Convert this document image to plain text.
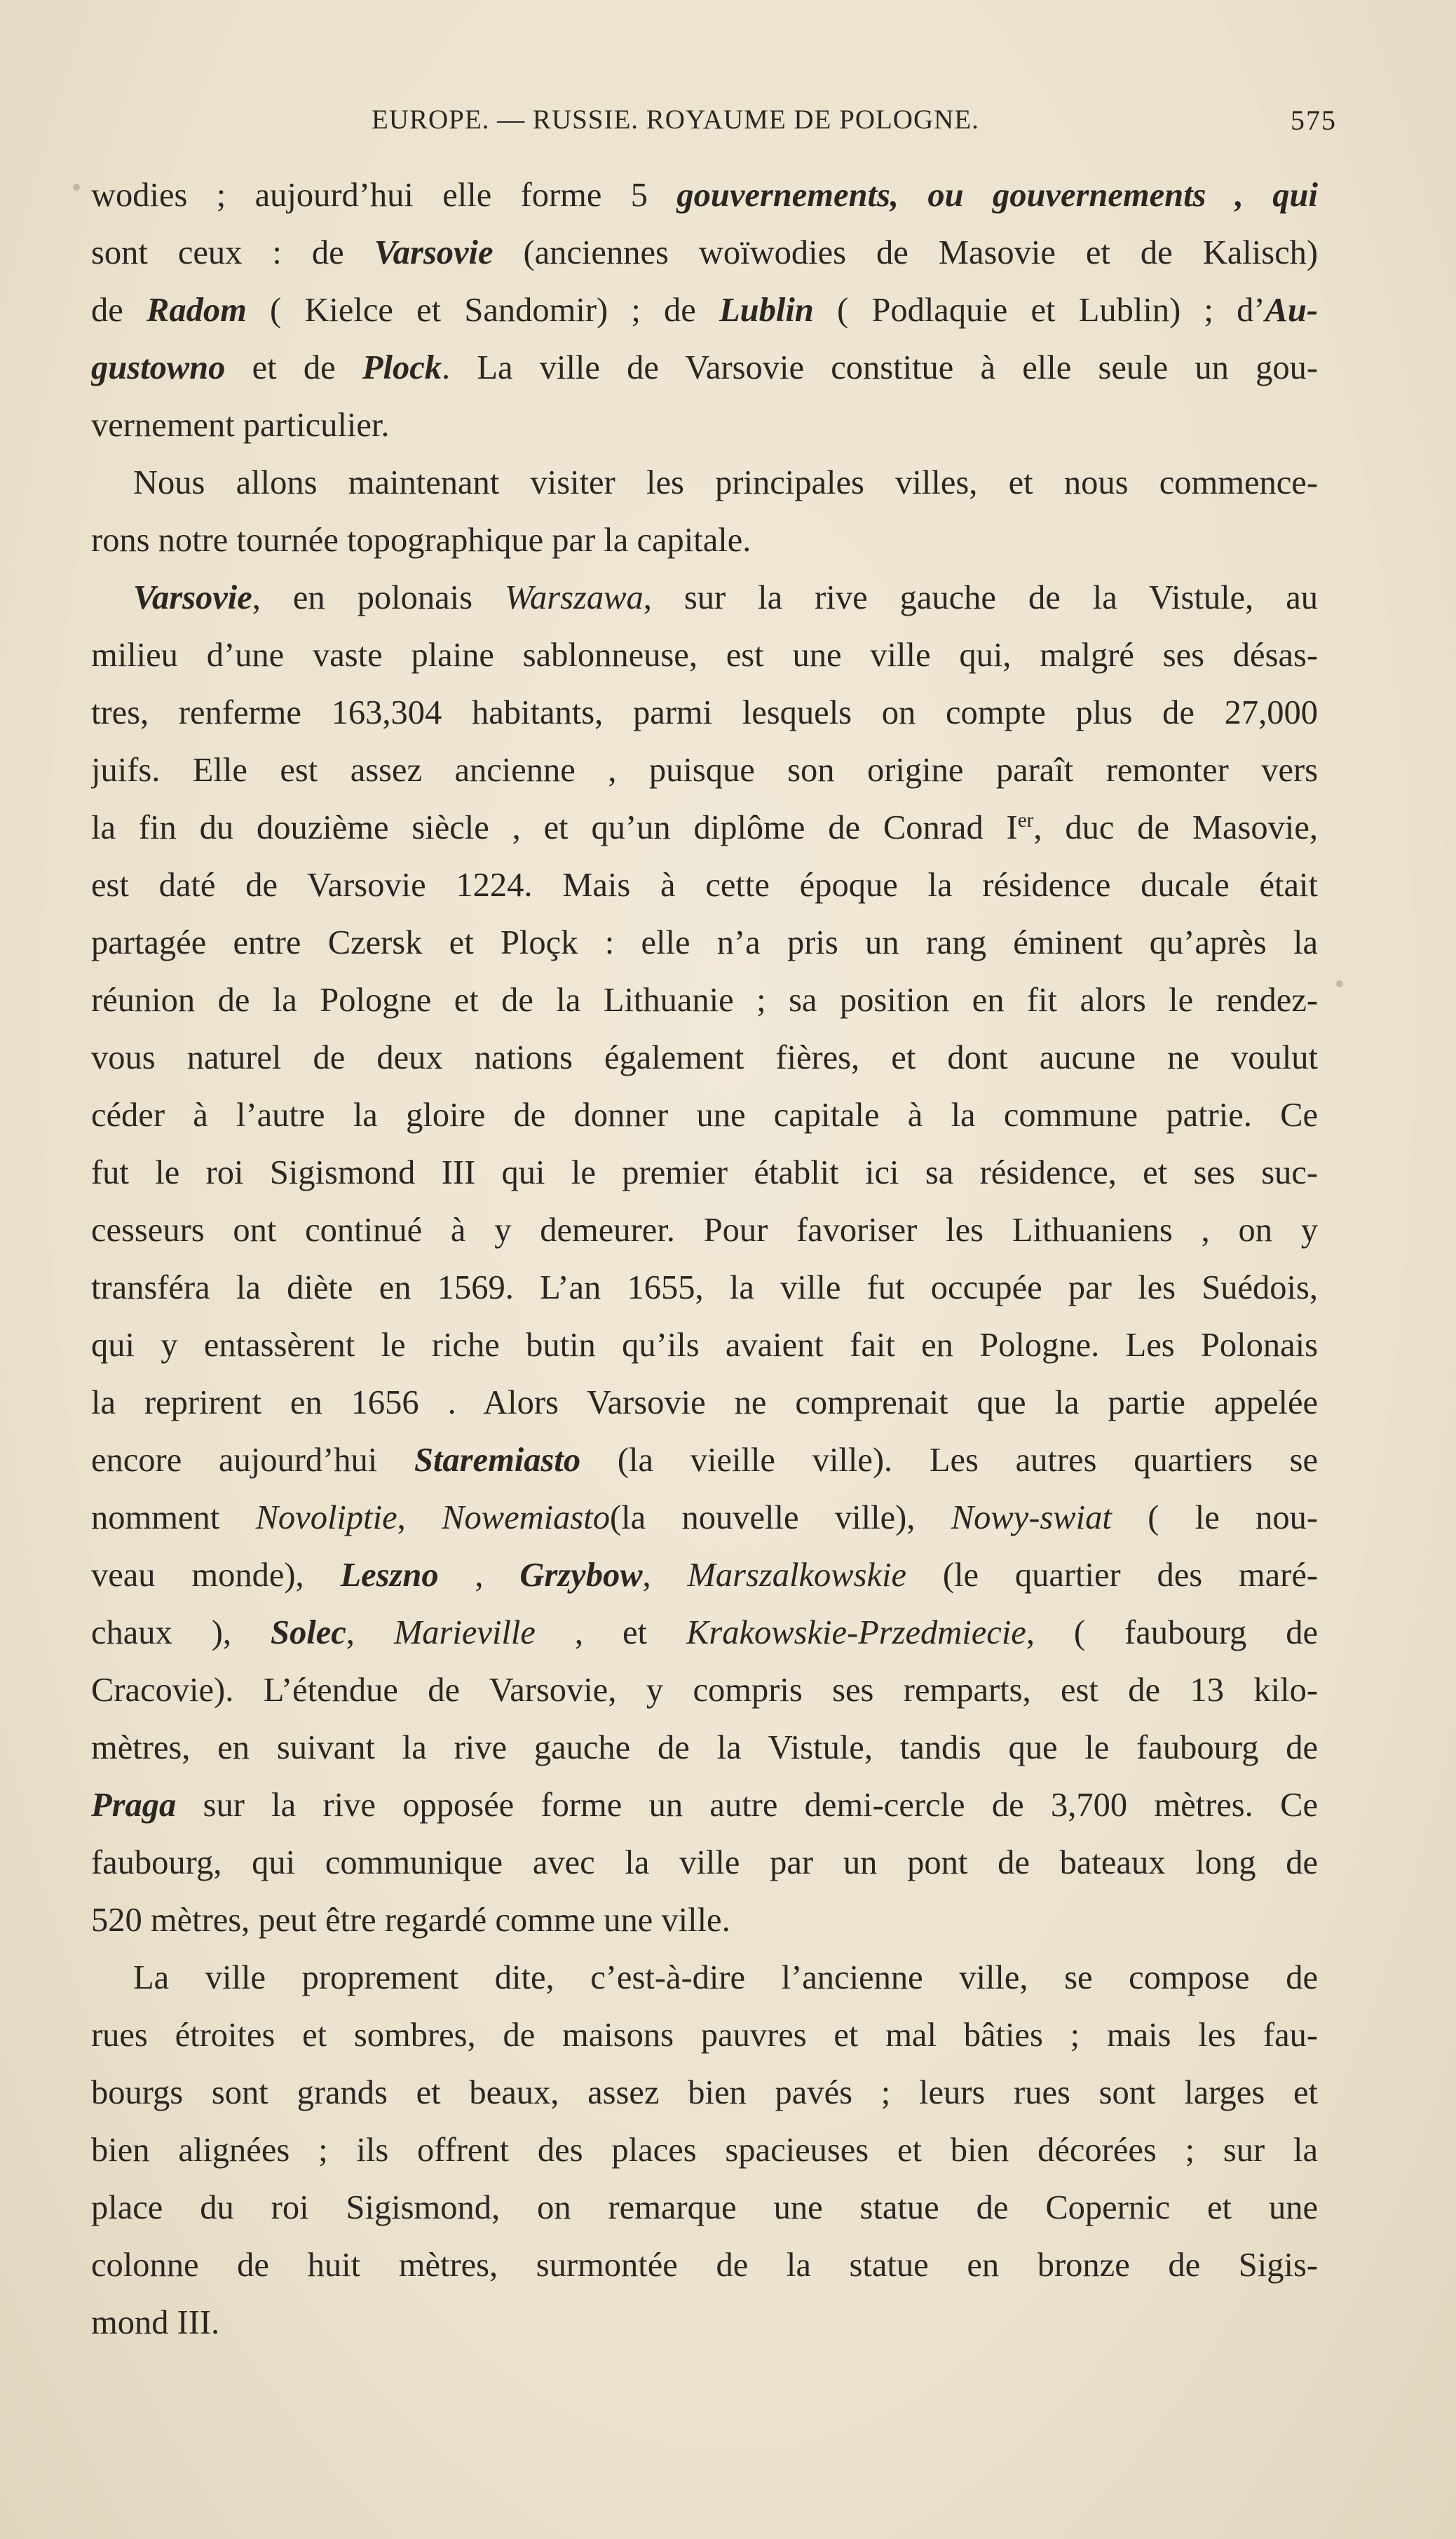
EUROPE. — RUSSIE. ROYAUME DE POLOGNE.	575
wodies ; aujourd’hui elle forme 5 gouvernements, ou gouvernements , qui
sont ceux : de Varsovie (anciennes woïwodies de Masovie et de Kalisch)
de Radom ( Kielce et Sandomir) ; de Lublin ( Podlaquie et Lublin) ; d’Au-
gustowno et de Plock. La ville de Varsovie constitue à elle seule un gou-
vernement particulier.
Nous allons maintenant visiter les principales villes, et nous commence-
rons notre tournée topographique par la capitale.
Varsovie, en polonais Warszawa, sur la rive gauche de la Vistule, au
milieu d’une vaste plaine sablonneuse, est une ville qui, malgré ses désas-
tres, renferme 163,304 habitants, parmi lesquels on compte plus de 27,000
juifs. Elle est assez ancienne , puisque son origine paraît remonter vers
la fin du douzième siècle , et qu’un diplôme de Conrad Ier, duc de Masovie,
est daté de Varsovie 1224. Mais à cette époque la résidence ducale était
partagée entre Czersk et Ploçk : elle n’a pris un rang éminent qu’après la
réunion de la Pologne et de la Lithuanie ; sa position en fit alors le rendez-
vous naturel de deux nations également fières, et dont aucune ne voulut
céder à l’autre la gloire de donner une capitale à la commune patrie. Ce
fut le roi Sigismond III qui le premier établit ici sa résidence, et ses suc-
cesseurs ont continué à y demeurer. Pour favoriser les Lithuaniens , on y
transféra la diète en 1569. L’an 1655, la ville fut occupée par les Suédois,
qui y entassèrent le riche butin qu’ils avaient fait en Pologne. Les Polonais
la reprirent en 1656 . Alors Varsovie ne comprenait que la partie appelée
encore aujourd’hui Staremiasto (la vieille ville). Les autres quartiers se
nomment Novoliptie, Nowemiasto(la nouvelle ville), Nowy-swiat ( le nou-
veau monde), Leszno , Grzybow, Marszalkowskie (le quartier des maré-
chaux ), Solec, Marieville , et Krakowskie-Przedmiecie, ( faubourg de
Cracovie). L’étendue de Varsovie, y compris ses remparts, est de 13 kilo-
mètres, en suivant la rive gauche de la Vistule, tandis que le faubourg de
Praga sur la rive opposée forme un autre demi-cercle de 3,700 mètres. Ce
faubourg, qui communique avec la ville par un pont de bateaux long de
520 mètres, peut être regardé comme une ville.
La ville proprement dite, c’est-à-dire l’ancienne ville, se compose de
rues étroites et sombres, de maisons pauvres et mal bâties ; mais les fau-
bourgs sont grands et beaux, assez bien pavés ; leurs rues sont larges et
bien alignées ; ils offrent des places spacieuses et bien décorées ; sur la
place du roi Sigismond, on remarque une statue de Copernic et une
colonne de huit mètres, surmontée de la statue en bronze de Sigis-
mond III.
